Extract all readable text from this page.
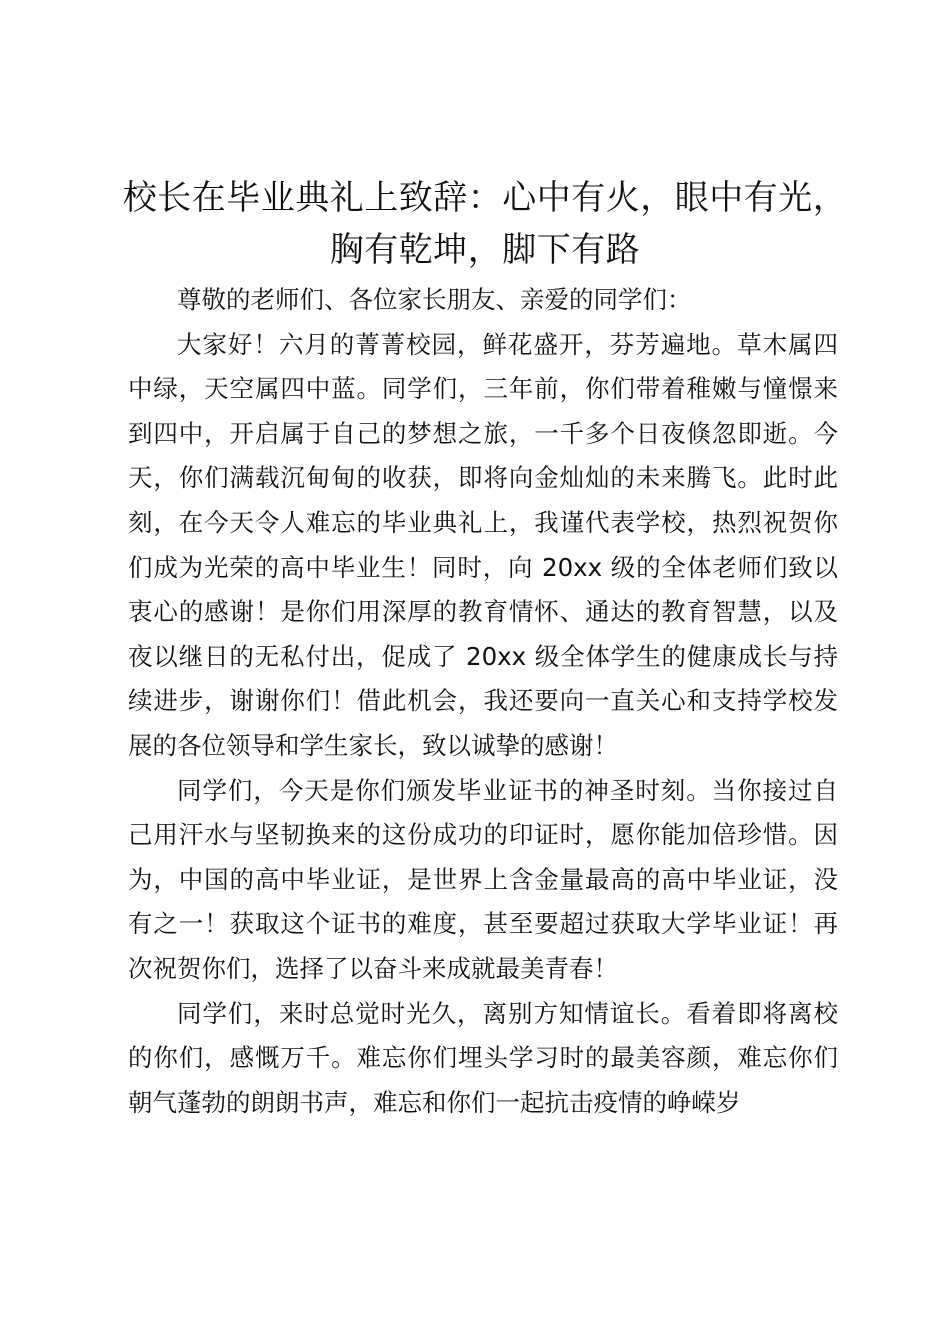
校长在毕业典礼上致辞：心中有火，眼中有光，胸有乾坤，脚下有路

尊敬的老师们、各位家长朋友、亲爱的同学们：

大家好！六月的菁菁校园，鲜花盛开，芬芳遍地。草木属四中绿，天空属四中蓝。同学们，三年前，你们带着稚嫩与憧憬来到四中，开启属于自己的梦想之旅，一千多个日夜倏忽即逝。今天，你们满载沉甸甸的收获，即将向金灿灿的未来腾飞。此时此刻，在今天令人难忘的毕业典礼上，我谨代表学校，热烈祝贺你们成为光荣的高中毕业生！同时，向 20xx 级的全体老师们致以衷心的感谢！是你们用深厚的教育情怀、通达的教育智慧，以及夜以继日的无私付出，促成了 20xx 级全体学生的健康成长与持续进步，谢谢你们！借此机会，我还要向一直关心和支持学校发展的各位领导和学生家长，致以诚挚的感谢！

同学们，今天是你们颁发毕业证书的神圣时刻。当你接过自己用汗水与坚韧换来的这份成功的印证时，愿你能加倍珍惜。因为，中国的高中毕业证，是世界上含金量最高的高中毕业证，没有之一！获取这个证书的难度，甚至要超过获取大学毕业证！再次祝贺你们，选择了以奋斗来成就最美青春！

同学们，来时总觉时光久，离别方知情谊长。看着即将离校的你们，感慨万千。难忘你们埋头学习时的最美容颜，难忘你们朝气蓬勃的朗朗书声，难忘和你们一起抗击疫情的峥嵘岁
